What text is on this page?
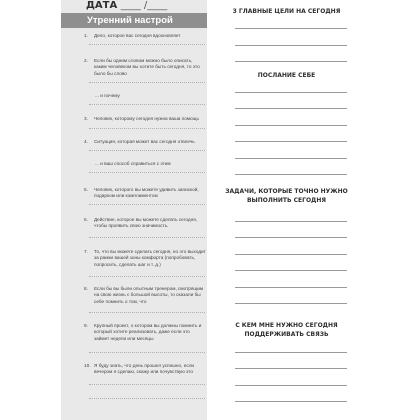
ДАТА ____ /____
Утренний настрой
1. Дело, которое вас сегодня вдохновляет
2. Если бы одним словом можно было описать, каким человеком вы хотите быть сегодня, то это было бы слово
... и почему
3. Человек, которому сегодня нужна ваша помощь
4. Ситуация, которая может вас сегодня отвлечь
... и ваш способ справиться с этим
5. Человек, которого вы можете удивить запиской, подарком или комплиментом
6. Действие, которое вы можете сделать сегодня, чтобы проявить свою значимость.
7. То, что вы можете сделать сегодня, но это выходит за рамки вашей зоны комфорта (попробовать, попросить, сделать шаг и т. д.)
8. Если бы вы были опытным тренером, смотрящим на свою жизнь с большой высоты, то сказали бы себе помнить о том, что
9. Крупный проект, о котором вы должны помнить и который хотите реализовать, даже если это займет недели или месяцы
10. Я буду знать, что день прошел успешно, если вечером я сделаю, скажу или почувствую это
3 ГЛАВНЫЕ ЦЕЛИ НА СЕГОДНЯ
ПОСЛАНИЕ СЕБЕ
ЗАДАЧИ, КОТОРЫЕ ТОЧНО НУЖНО ВЫПОЛНИТЬ СЕГОДНЯ
С КЕМ МНЕ НУЖНО СЕГОДНЯ ПОДДЕРЖИВАТЬ СВЯЗЬ
